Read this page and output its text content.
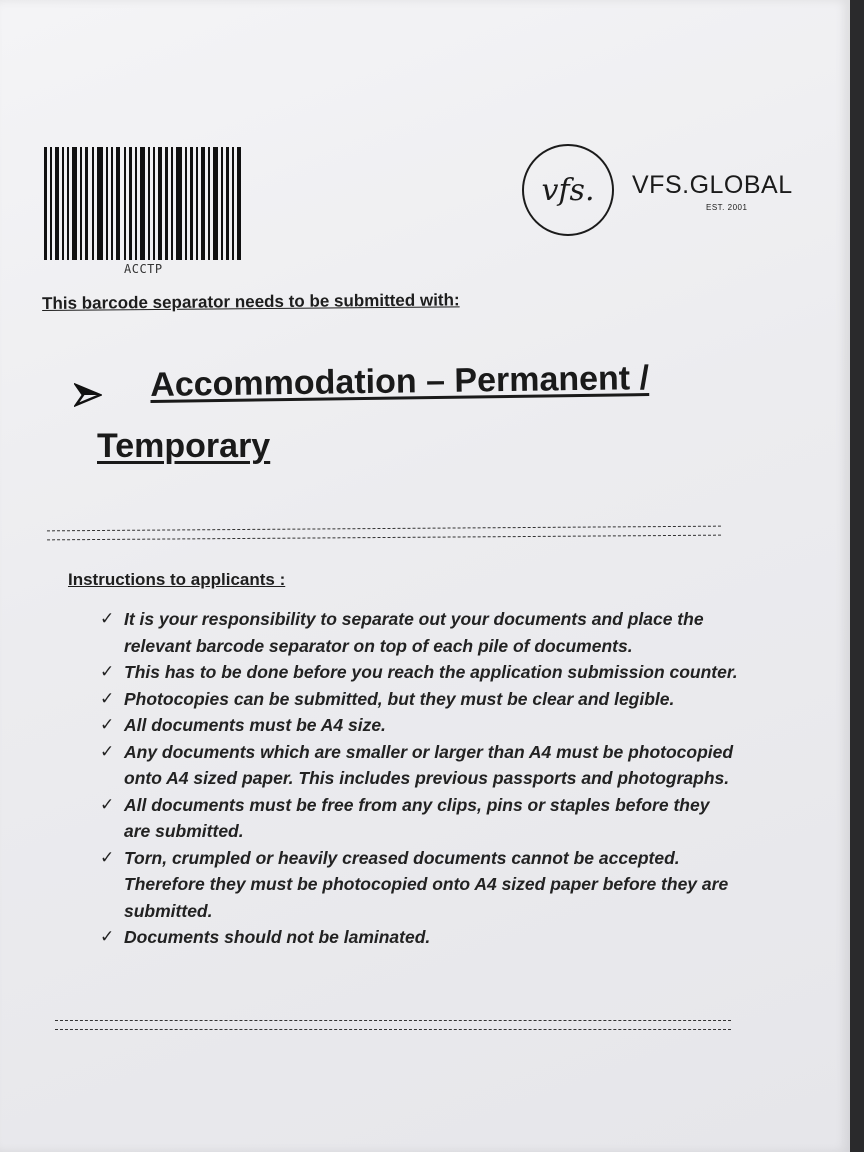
ACCTP
vfs. VFS.GLOBAL
EST. 2001
This barcode separator needs to be submitted with:
Accommodation – Permanent /
Temporary
Instructions to applicants :
✓ It is your responsibility to separate out your documents and place the relevant barcode separator on top of each pile of documents.
✓ This has to be done before you reach the application submission counter.
✓ Photocopies can be submitted, but they must be clear and legible.
✓ All documents must be A4 size.
✓ Any documents which are smaller or larger than A4 must be photocopied onto A4 sized paper. This includes previous passports and photographs.
✓ All documents must be free from any clips, pins or staples before they are submitted.
✓ Torn, crumpled or heavily creased documents cannot be accepted. Therefore they must be photocopied onto A4 sized paper before they are submitted.
✓ Documents should not be laminated.
